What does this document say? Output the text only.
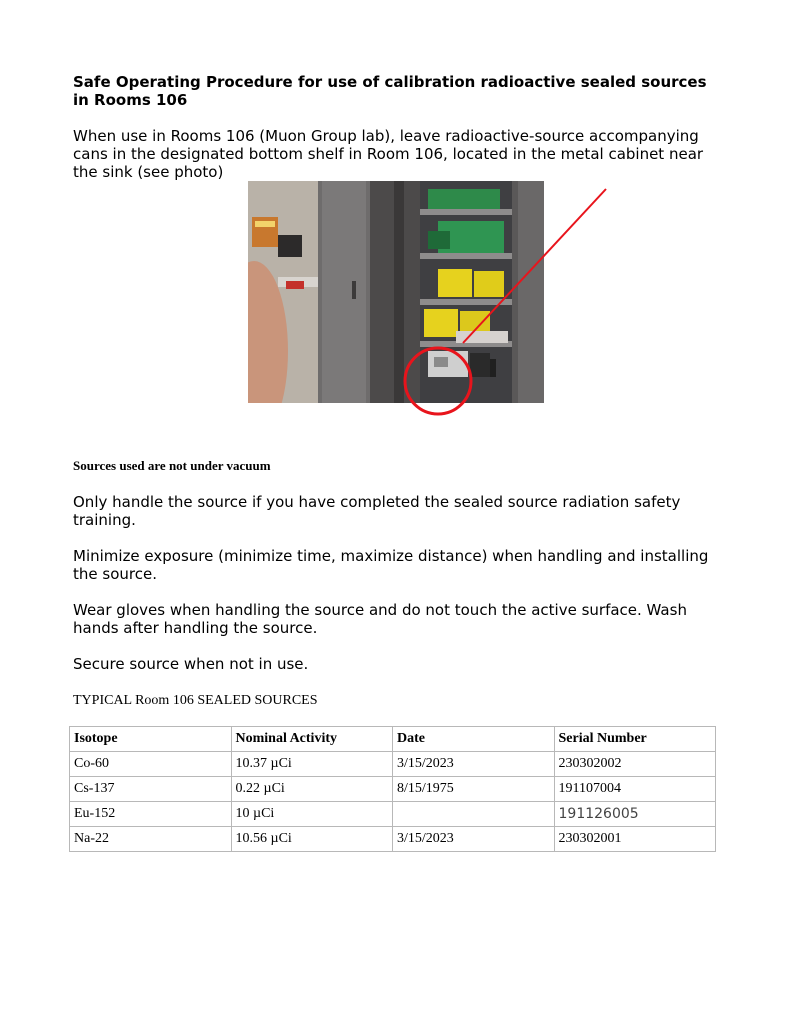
Safe Operating Procedure for use of calibration radioactive sealed sources in Rooms 106

When use in Rooms 106 (Muon Group lab), leave radioactive-source accompanying cans in the designated bottom shelf in Room 106, located in the metal cabinet near the sink (see photo)

Sources used are not under vacuum

Only handle the source if you have completed the sealed source radiation safety training.

Minimize exposure (minimize time, maximize distance) when handling and installing the source.

Wear gloves when handling the source and do not touch the active surface. Wash hands after handling the source.

Secure source when not in use.

TYPICAL Room 106 SEALED SOURCES

Isotope	Nominal Activity	Date	Serial Number
Co-60	10.37 µCi	3/15/2023	230302002
Cs-137	0.22 µCi	8/15/1975	191107004
Eu-152	10 µCi		191126005
Na-22	10.56 µCi	3/15/2023	230302001
